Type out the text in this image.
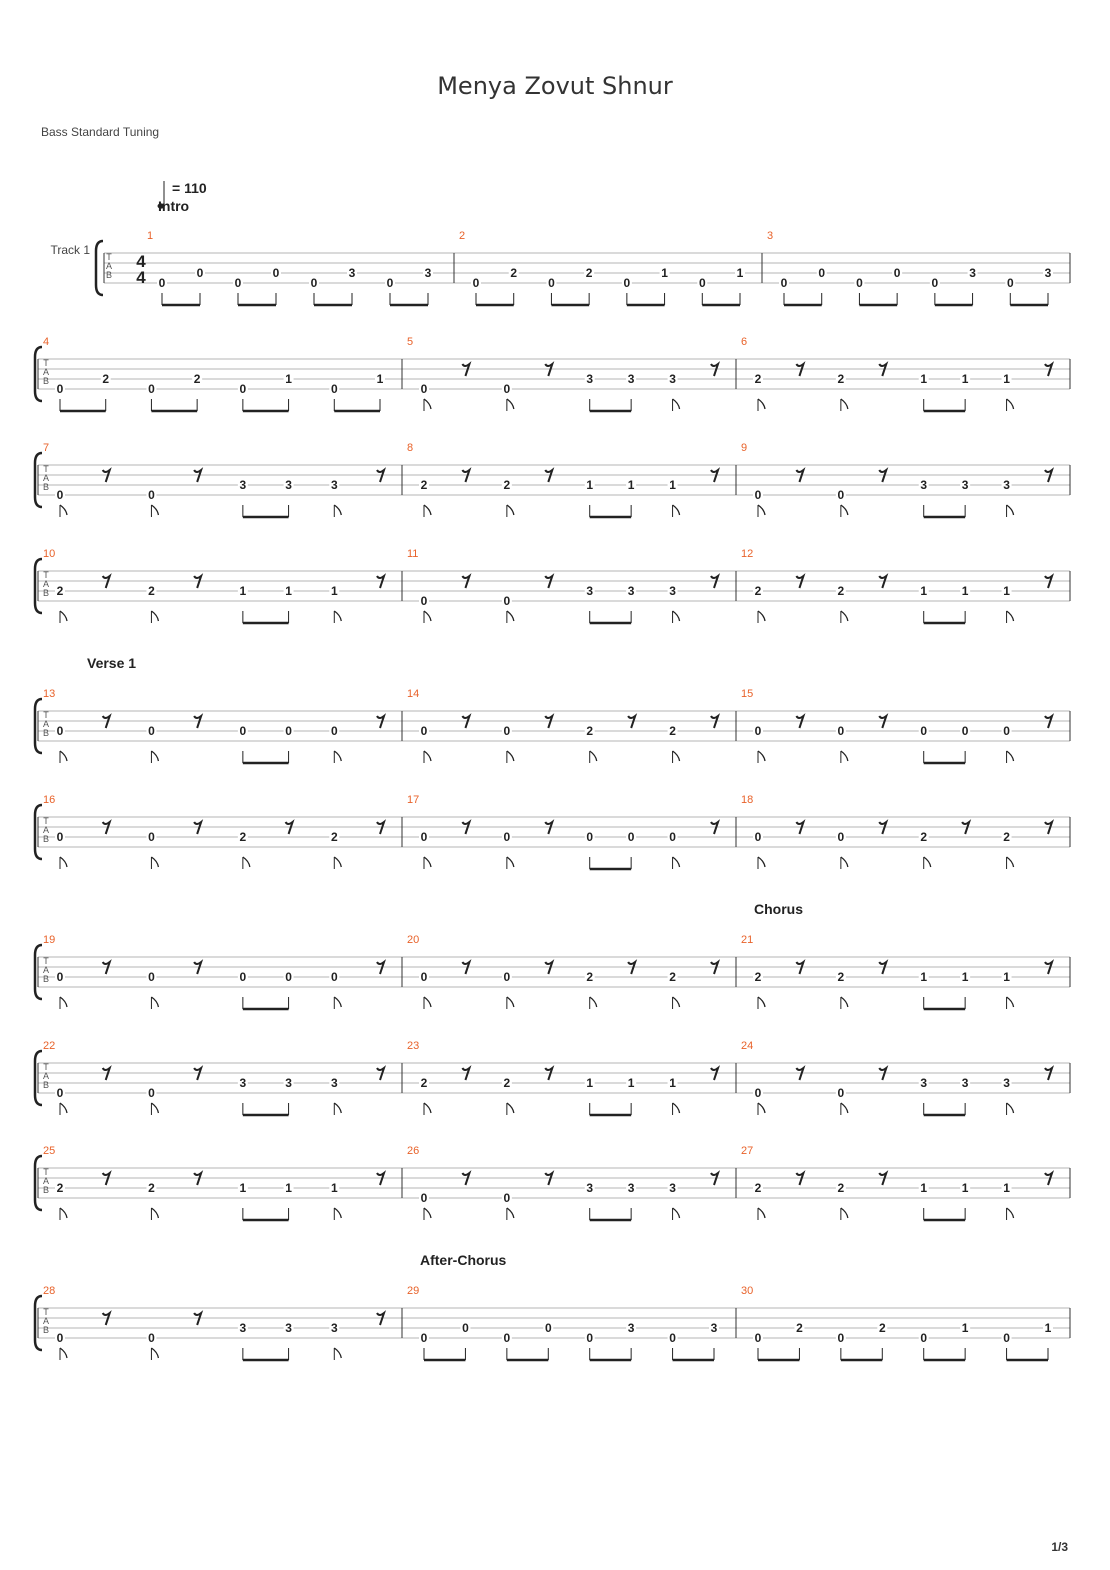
Menya Zovut Shnur
Bass Standard Tuning
T
A
B
Track 1
4
4
= 110
1
0
0
0
0
0
3
0
3
2
0
2
0
2
0
1
0
1
3
0
0
0
0
0
3
0
3
T
A
B
4
0
2
0
2
0
1
0
1
5
0	0
3	3	3
6
2	2	1	1	1
T
A
B
7
0	0
3	3	3
8
2	2	1	1	1
9
0	0
3	3	3
T
A
B
10
2	2	1	1	1
11
0	0
3	3	3
12
2	2	1	1	1
T
A
B
13
0	0	0	0	0
14
0	0	2	2
15
0	0	0	0	0
T
A
B
16
0	0	2	2
17
0	0	0	0	0
18
0	0	2	2
T
A
B
19
0	0	0	0	0
20
0	0	2	2
21
2	2	1	1	1
T
A
B
22
0	0
3	3	3
23
2	2	1	1	1
24
0	0
3	3	3
T
A
B
25
2	2	1	1	1
26
0	0
3	3	3
27
2	2	1	1	1
T
A
B
28
0	0
3	3	3
29
0
0
0
0
0
3
0
3
30
0
2
0
2
0
1
0
1
Intro
Verse 1
Chorus
After-Chorus
1/3
